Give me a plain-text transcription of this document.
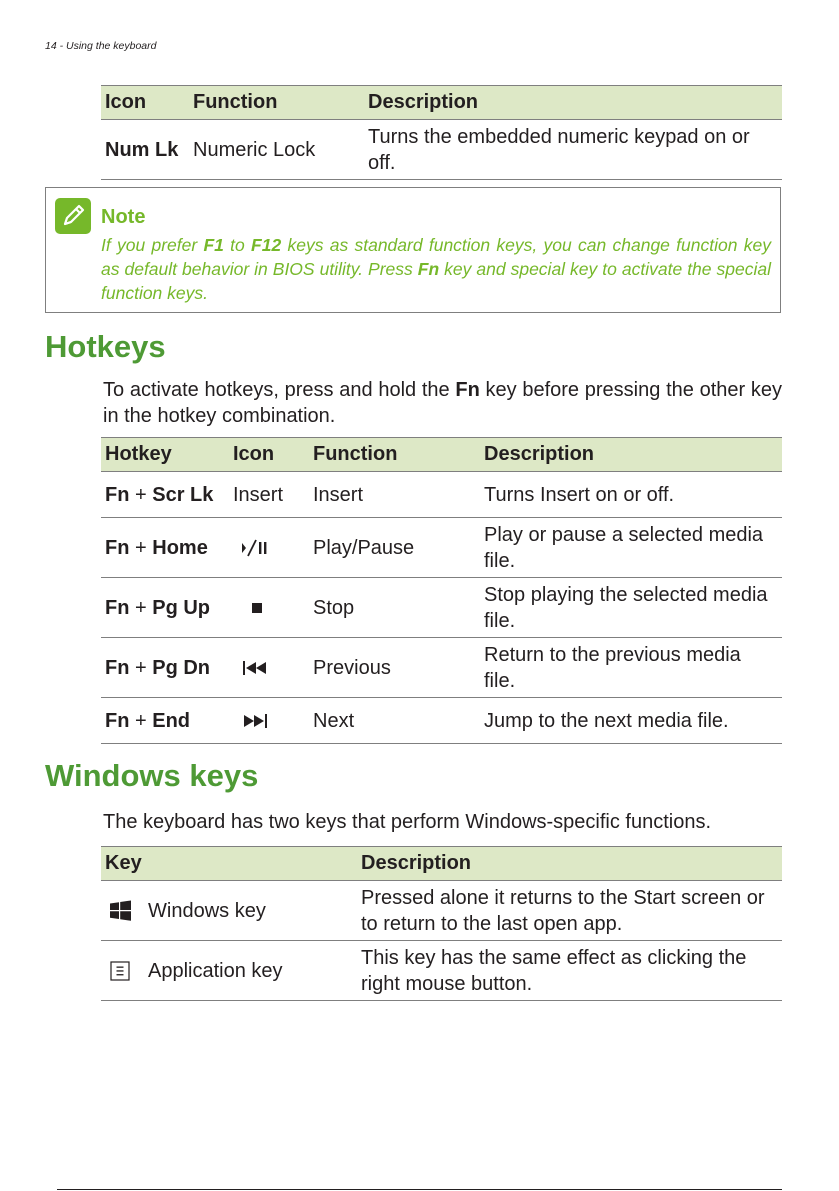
14 - Using the keyboard
Icon	Function	Description
Num Lk	Numeric Lock	Turns the embedded numeric keypad on or off.
Note
If you prefer F1 to F12 keys as standard function keys, you can change function key as default behavior in BIOS utility. Press Fn key and special key to activate the special function keys.
Hotkeys
To activate hotkeys, press and hold the Fn key before pressing the other key in the hotkey combination.
Hotkey	Icon	Function	Description
Fn + Scr Lk	Insert	Insert	Turns Insert on or off.
Fn + Home		Play/Pause	Play or pause a selected media file.
Fn + Pg Up		Stop	Stop playing the selected media file.
Fn + Pg Dn		Previous	Return to the previous media file.
Fn + End		Next	Jump to the next media file.
Windows keys
The keyboard has two keys that perform Windows-specific functions.
Key	Description

Windows key	Pressed alone it returns to the Start screen or to return to the last open app.

Application key	This key has the same effect as clicking the right mouse button.
